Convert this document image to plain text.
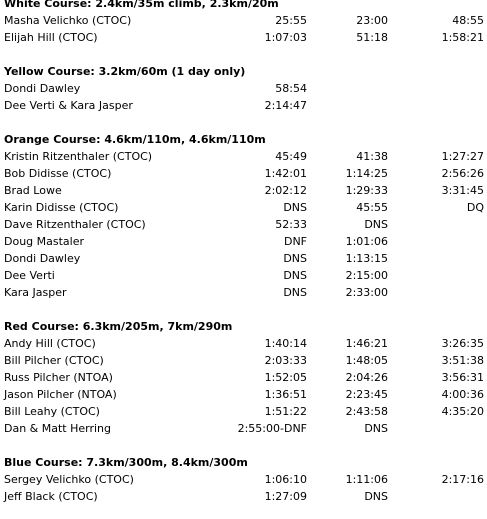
White Course: 2.4km/35m climb, 2.3km/20m
Masha Velichko (CTOC)	25:55	23:00	48:55
Elijah Hill (CTOC)	1:07:03	51:18	1:58:21
Yellow Course: 3.2km/60m (1 day only)
Dondi Dawley	58:54
Dee Verti & Kara Jasper	2:14:47
Orange Course: 4.6km/110m, 4.6km/110m
Kristin Ritzenthaler (CTOC)	45:49	41:38	1:27:27
Bob Didisse (CTOC)	1:42:01	1:14:25	2:56:26
Brad Lowe	2:02:12	1:29:33	3:31:45
Karin Didisse (CTOC)	DNS	45:55	DQ
Dave Ritzenthaler (CTOC)	52:33	DNS
Doug Mastaler	DNF	1:01:06
Dondi Dawley	DNS	1:13:15
Dee Verti	DNS	2:15:00
Kara Jasper	DNS	2:33:00
Red Course: 6.3km/205m, 7km/290m
Andy Hill (CTOC)	1:40:14	1:46:21	3:26:35
Bill Pilcher (CTOC)	2:03:33	1:48:05	3:51:38
Russ Pilcher (NTOA)	1:52:05	2:04:26	3:56:31
Jason Pilcher (NTOA)	1:36:51	2:23:45	4:00:36
Bill Leahy (CTOC)	1:51:22	2:43:58	4:35:20
Dan & Matt Herring	2:55:00-DNF	DNS
Blue Course: 7.3km/300m, 8.4km/300m
Sergey Velichko (CTOC)	1:06:10	1:11:06	2:17:16
Jeff Black (CTOC)	1:27:09	DNS
